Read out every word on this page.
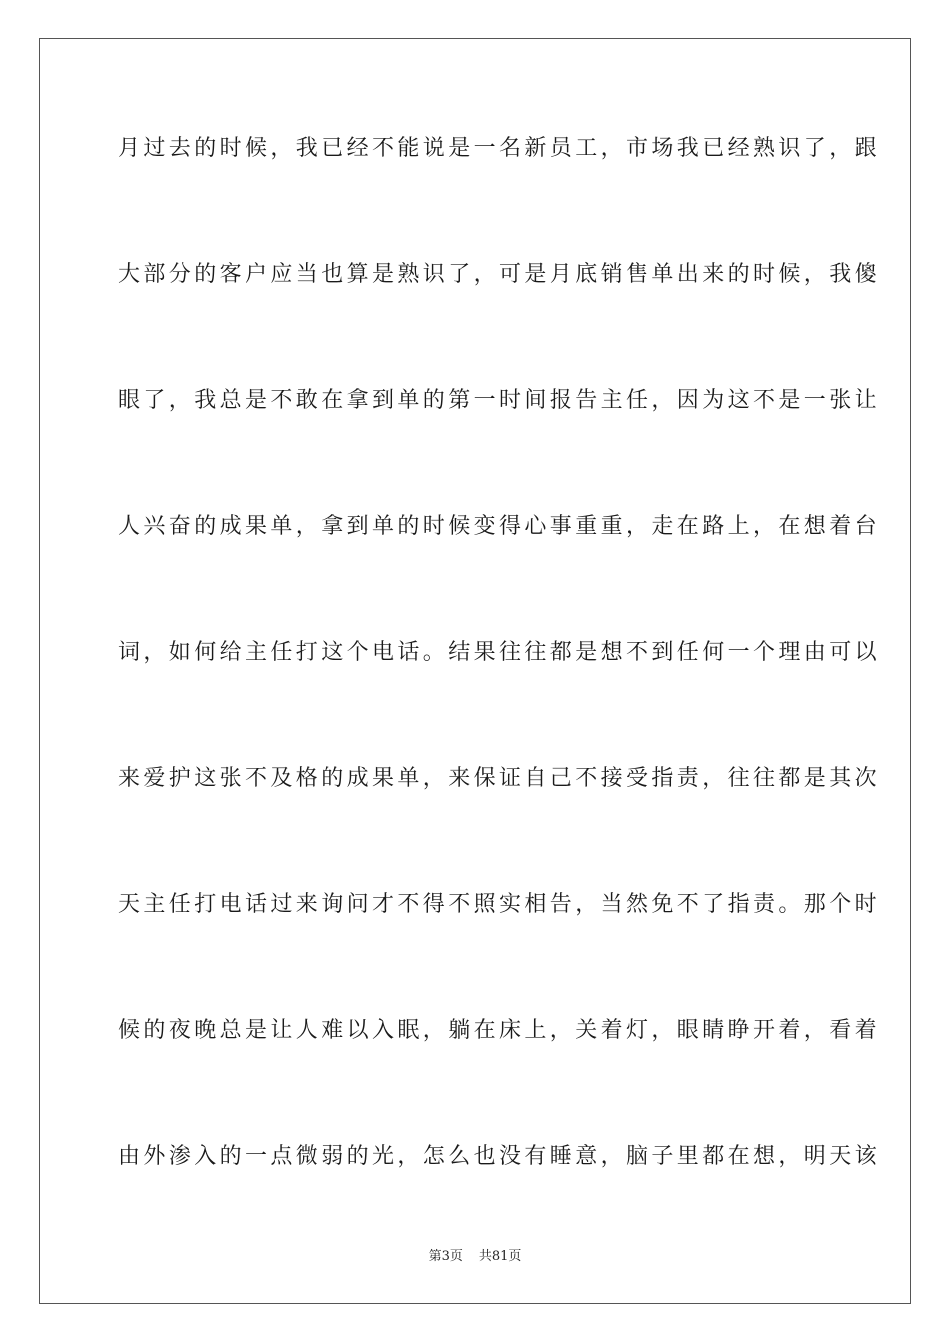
月过去的时候，我已经不能说是一名新员工，市场我已经熟识了，跟
大部分的客户应当也算是熟识了，可是月底销售单出来的时候，我傻
眼了，我总是不敢在拿到单的第一时间报告主任，因为这不是一张让
人兴奋的成果单，拿到单的时候变得心事重重，走在路上，在想着台
词，如何给主任打这个电话。结果往往都是想不到任何一个理由可以
来爱护这张不及格的成果单，来保证自己不接受指责，往往都是其次
天主任打电话过来询问才不得不照实相告，当然免不了指责。那个时
候的夜晚总是让人难以入眠，躺在床上，关着灯，眼睛睁开着，看着
由外渗入的一点微弱的光，怎么也没有睡意，脑子里都在想，明天该
第3页 共81页
